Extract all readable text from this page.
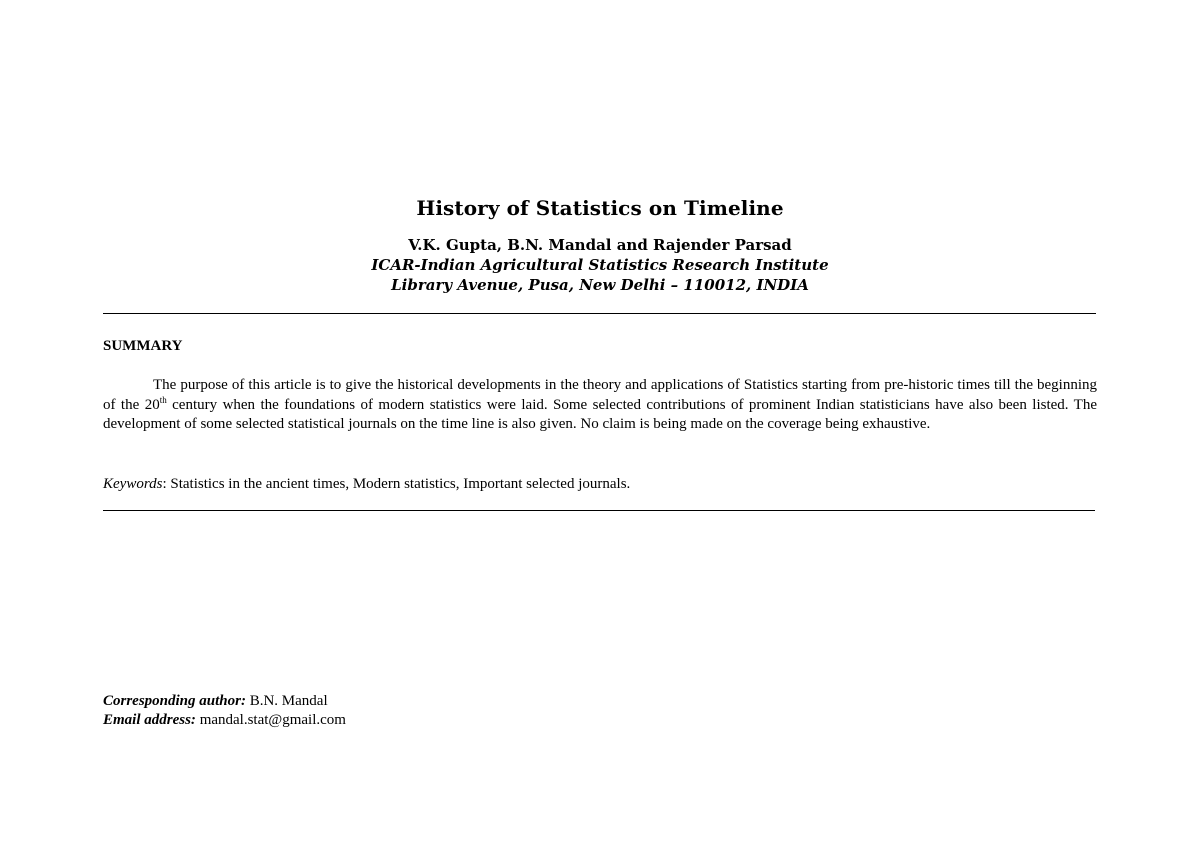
History of Statistics on Timeline
V.K. Gupta, B.N. Mandal and Rajender Parsad
ICAR-Indian Agricultural Statistics Research Institute
Library Avenue, Pusa, New Delhi – 110012, INDIA
SUMMARY

The purpose of this article is to give the historical developments in the theory and applications of Statistics starting from pre-historic times till the beginning of the 20th century when the foundations of modern statistics were laid. Some selected contributions of prominent Indian statisticians have also been listed. The development of some selected statistical journals on the time line is also given. No claim is being made on the coverage being exhaustive.

Keywords: Statistics in the ancient times, Modern statistics, Important selected journals.
Corresponding author: B.N. Mandal
Email address: mandal.stat@gmail.com
